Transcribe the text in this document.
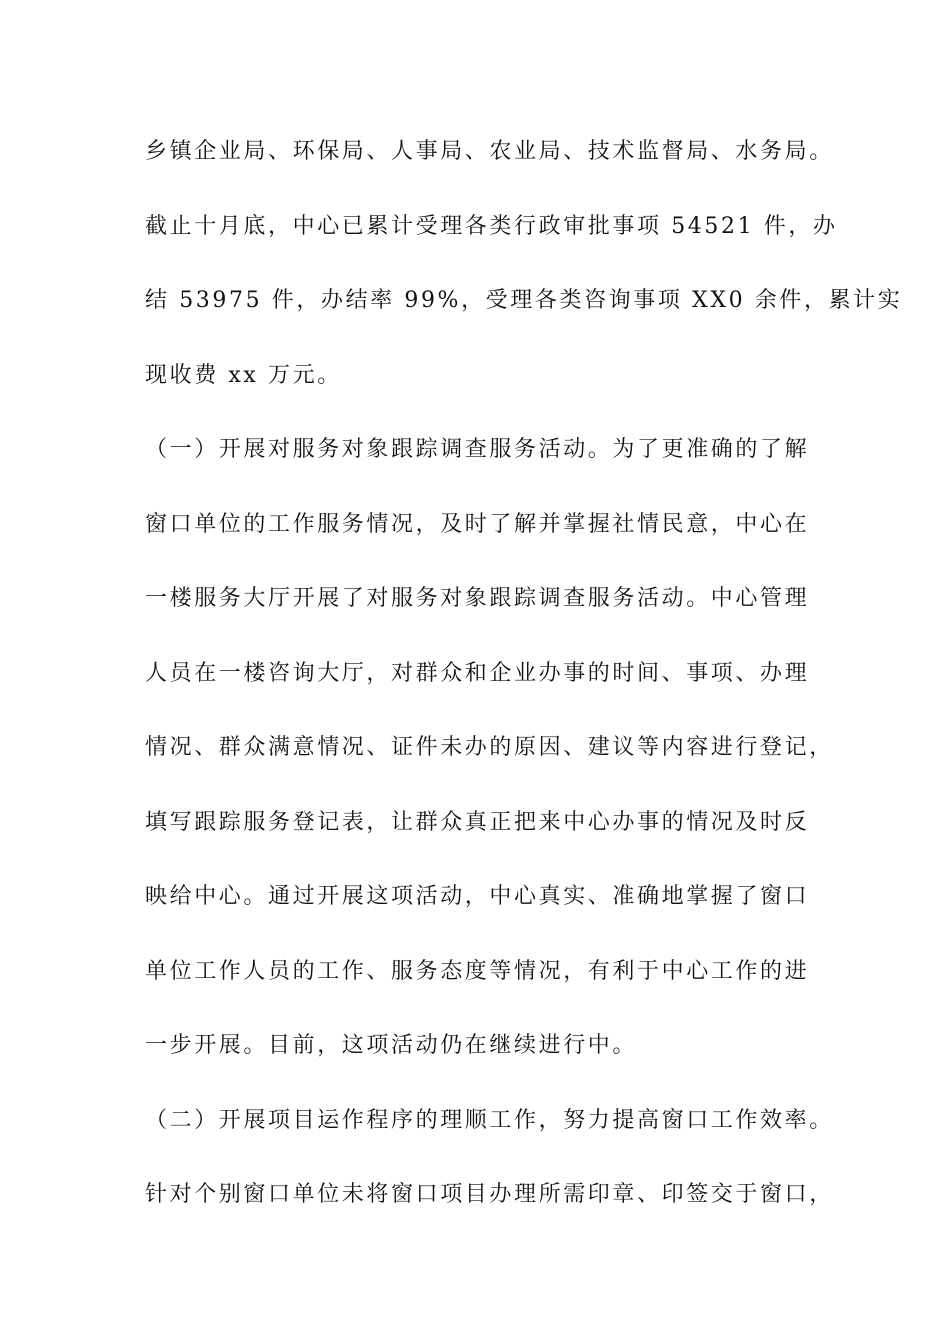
乡镇企业局、环保局、人事局、农业局、技术监督局、水务局。
截止十月底，中心已累计受理各类行政审批事项 54521 件，办
结 53975 件，办结率 99%，受理各类咨询事项 XX0 余件，累计实
现收费 xx 万元。
（一）开展对服务对象跟踪调查服务活动。为了更准确的了解
窗口单位的工作服务情况，及时了解并掌握社情民意，中心在
一楼服务大厅开展了对服务对象跟踪调查服务活动。中心管理
人员在一楼咨询大厅，对群众和企业办事的时间、事项、办理
情况、群众满意情况、证件未办的原因、建议等内容进行登记，
填写跟踪服务登记表，让群众真正把来中心办事的情况及时反
映给中心。通过开展这项活动，中心真实、准确地掌握了窗口
单位工作人员的工作、服务态度等情况，有利于中心工作的进
一步开展。目前，这项活动仍在继续进行中。
（二）开展项目运作程序的理顺工作，努力提高窗口工作效率。
针对个别窗口单位未将窗口项目办理所需印章、印签交于窗口，
